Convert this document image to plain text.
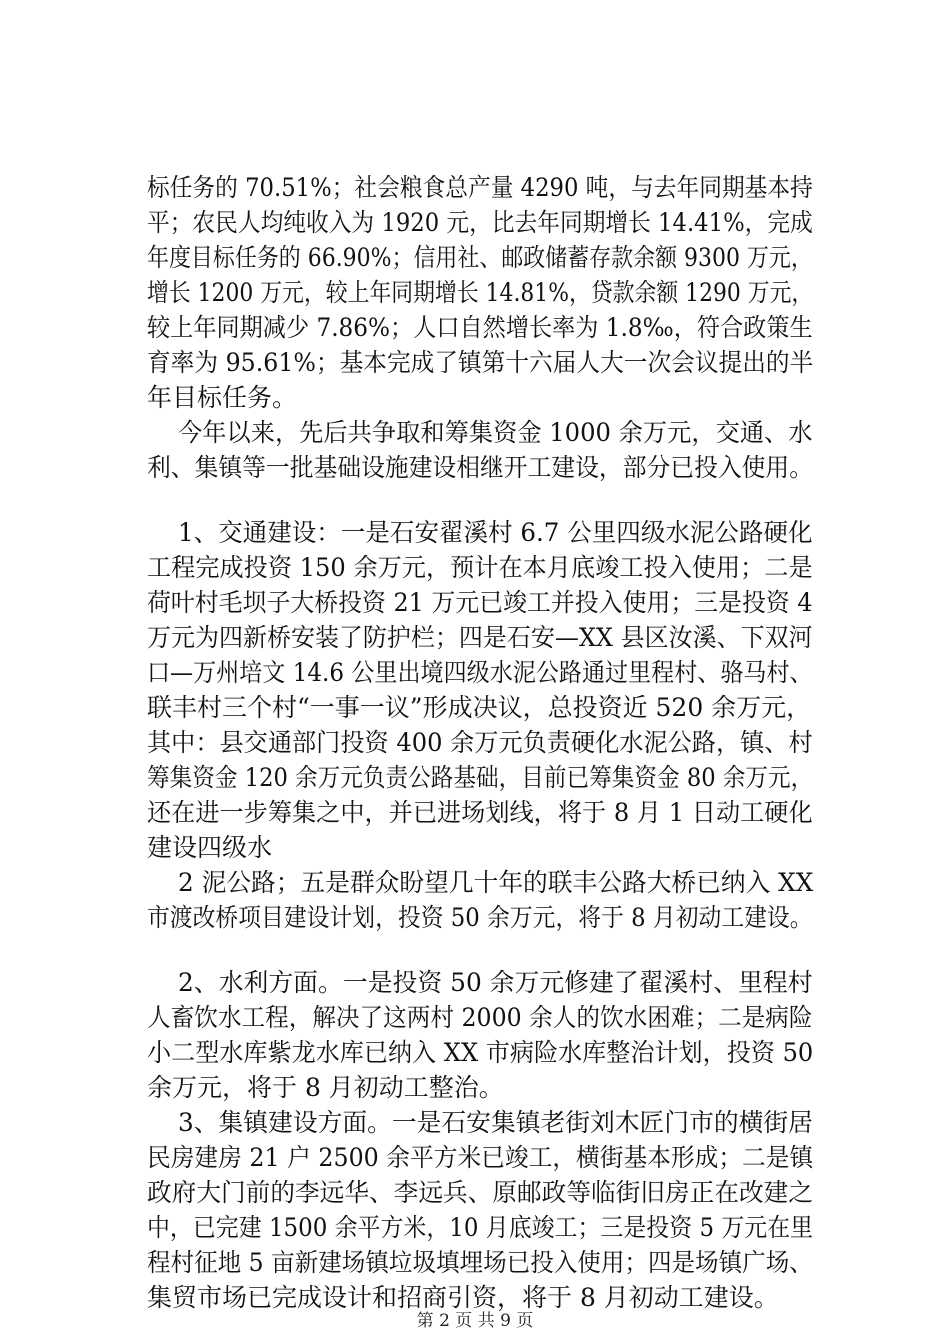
标任务的 70.51%；社会粮食总产量 4290 吨，与去年同期基本持
平；农民人均纯收入为 1920 元，比去年同期增长 14.41%，完成
年度目标任务的 66.90%；信用社、邮政储蓄存款余额 9300 万元，
增长 1200 万元，较上年同期增长 14.81%，贷款余额 1290 万元，
较上年同期减少 7.86%；人口自然增长率为 1.8‰，符合政策生
育率为 95.61%；基本完成了镇第十六届人大一次会议提出的半
年目标任务。
今年以来，先后共争取和筹集资金 1000 余万元，交通、水
利、集镇等一批基础设施建设相继开工建设，部分已投入使用。
1、交通建设：一是石安翟溪村 6.7 公里四级水泥公路硬化
工程完成投资 150 余万元，预计在本月底竣工投入使用；二是
荷叶村毛坝子大桥投资 21 万元已竣工并投入使用；三是投资 4
万元为四新桥安装了防护栏；四是石安—XX 县区汝溪、下双河
口—万州培文 14.6 公里出境四级水泥公路通过里程村、骆马村、
联丰村三个村“一事一议”形成决议，总投资近 520 余万元，
其中：县交通部门投资 400 余万元负责硬化水泥公路，镇、村
筹集资金 120 余万元负责公路基础，目前已筹集资金 80 余万元，
还在进一步筹集之中，并已进场划线，将于 8 月 1 日动工硬化
建设四级水
2 泥公路；五是群众盼望几十年的联丰公路大桥已纳入 XX
市渡改桥项目建设计划，投资 50 余万元，将于 8 月初动工建设。
2、水利方面。一是投资 50 余万元修建了翟溪村、里程村
人畜饮水工程，解决了这两村 2000 余人的饮水困难；二是病险
小二型水库紫龙水库已纳入 XX 市病险水库整治计划，投资 50
余万元，将于 8 月初动工整治。
3、集镇建设方面。一是石安集镇老街刘木匠门市的横街居
民房建房 21 户 2500 余平方米已竣工，横街基本形成；二是镇
政府大门前的李远华、李远兵、原邮政等临街旧房正在改建之
中，已完建 1500 余平方米，10 月底竣工；三是投资 5 万元在里
程村征地 5 亩新建场镇垃圾填埋场已投入使用；四是场镇广场、
集贸市场已完成设计和招商引资，将于 8 月初动工建设。
第 2 页 共 9 页
